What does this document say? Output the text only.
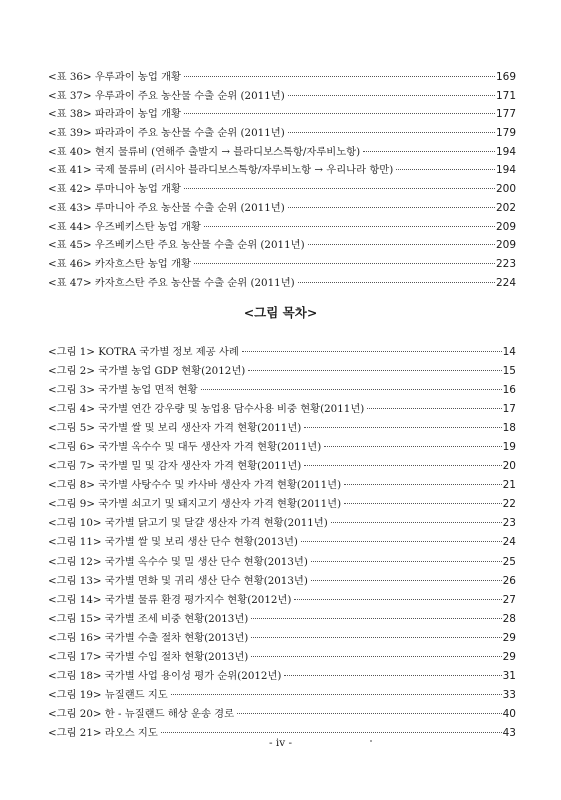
<표 36> 우루과이 농업 개황	169
<표 37> 우루과이 주요 농산물 수출 순위 (2011년)	171
<표 38> 파라과이 농업 개황	177
<표 39> 파라과이 주요 농산물 수출 순위 (2011년)	179
<표 40> 현지 물류비 (연해주 출발지 → 블라디보스톡항/자루비노항)	194
<표 41> 국제 물류비 (러시아 블라디보스톡항/자루비노항 → 우리나라 항만)	194
<표 42> 루마니아 농업 개황	200
<표 43> 루마니아 주요 농산물 수출 순위 (2011년)	202
<표 44> 우즈베키스탄 농업 개황	209
<표 45> 우즈베키스탄 주요 농산물 수출 순위 (2011년)	209
<표 46> 카자흐스탄 농업 개황	223
<표 47> 카자흐스탄 주요 농산물 수출 순위 (2011년)	224
<그림 목차>
<그림 1> KOTRA 국가별 정보 제공 사례	14
<그림 2> 국가별 농업 GDP 현황(2012년)	15
<그림 3> 국가별 농업 면적 현황	16
<그림 4> 국가별 연간 강우량 및 농업용 담수사용 비중 현황(2011년)	17
<그림 5> 국가별 쌀 및 보리 생산자 가격 현황(2011년)	18
<그림 6> 국가별 옥수수 및 대두 생산자 가격 현황(2011년)	19
<그림 7> 국가별 밀 및 감자 생산자 가격 현황(2011년)	20
<그림 8> 국가별 사탕수수 및 카사바 생산자 가격 현황(2011년)	21
<그림 9> 국가별 쇠고기 및 돼지고기 생산자 가격 현황(2011년)	22
<그림 10> 국가별 닭고기 및 달걀 생산자 가격 현황(2011년)	23
<그림 11> 국가별 쌀 및 보리 생산 단수 현황(2013년)	24
<그림 12> 국가별 옥수수 및 밀 생산 단수 현황(2013년)	25
<그림 13> 국가별 면화 및 귀리 생산 단수 현황(2013년)	26
<그림 14> 국가별 물류 환경 평가지수 현황(2012년)	27
<그림 15> 국가별 조세 비중 현황(2013년)	28
<그림 16> 국가별 수출 절차 현황(2013년)	29
<그림 17> 국가별 수입 절차 현황(2013년)	29
<그림 18> 국가별 사업 용이성 평가 순위(2012년)	31
<그림 19> 뉴질랜드 지도	33
<그림 20> 한 - 뉴질랜드 해상 운송 경로	40
<그림 21> 라오스 지도	43
- iv -
